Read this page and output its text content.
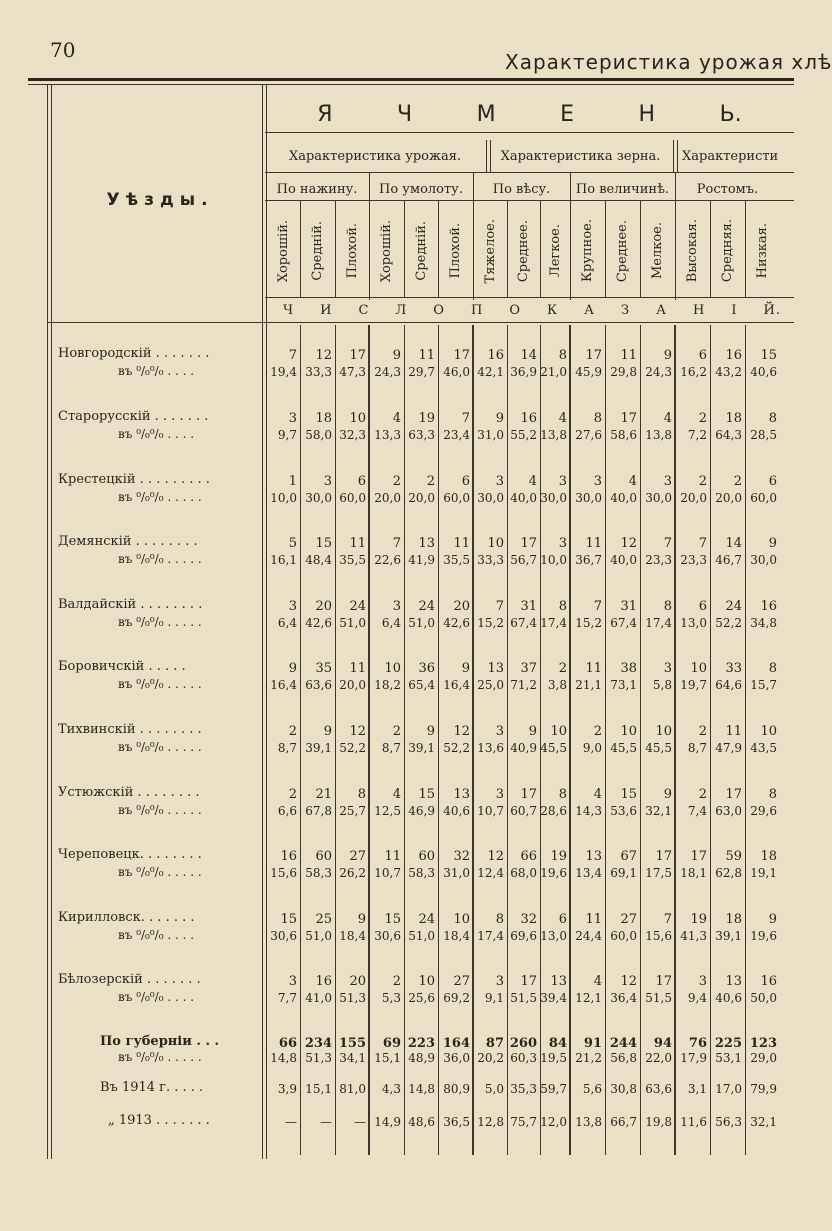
70	Характеристика урожая хлѣ
Я	Ч	М	Е	Н	Ь.
Уѣзды.
Характеристика урожая.	Характеристика зерна.	Характеристи
По нажину.	По умолоту.	По вѣсу.	По величинѣ.	Ростомъ.
Хорошій. Средній. Плохой. Хорошій. Средній. Плохой. Тяжелое. Среднее. Легкое. Крупное. Среднее. Мелкое. Высокая. Средняя. Низкая.
Ч И С Л О П О К А З А Н І Й.
Новгородскій . . . . . . .
въ ⁰/₀⁰/₀ . . . .
7	12	17	9	11	17	16	14	8	17	11	9	6	16	15
19,4 33,3 47,3 24,3 29,7 46,0 42,1 36,9 21,0 45,9 29,8 24,3 16,2 43,2 40,6
Старорусскій . . . . . . .
въ ⁰/₀⁰/₀ . . . .
3	18	10	4	19	7	9	16	4	8	17	4	2	18	8
9,7 58,0 32,3 13,3 63,3 23,4 31,0 55,2 13,8 27,6 58,6 13,8	7,2 64,3 28,5
Крестецкій . . . . . . . . .
въ ⁰/₀⁰/₀ . . . . .
1	3	6	2	2	6	3	4	3	3	4	3	2	2	6
10,0 30,0 60,0 20,0 20,0 60,0 30,0 40,0 30,0 30,0 40,0 30,0 20,0 20,0 60,0
Демянскій . . . . . . . .
въ ⁰/₀⁰/₀ . . . . .
5	15	11	7	13	11	10	17	3	11	12	7	7	14	9
16,1 48,4 35,5 22,6 41,9 35,5 33,3 56,7 10,0 36,7 40,0 23,3 23,3 46,7 30,0
Валдайскій . . . . . . . .
въ ⁰/₀⁰/₀ . . . . .
3	20	24	3	24	20	7	31	8	7	31	8	6	24	16
6,4 42,6 51,0	6,4 51,0 42,6 15,2 67,4 17,4 15,2 67,4 17,4 13,0 52,2 34,8
Боровичскій . . . . .
въ ⁰/₀⁰/₀ . . . . .
9	35	11	10	36	9	13	37	2	11	38	3	10	33	8
16,4 63,6 20,0 18,2 65,4 16,4 25,0 71,2 3,8 21,1 73,1	5,8 19,7 64,6 15,7
Тихвинскій . . . . . . . .
въ ⁰/₀⁰/₀ . . . . .
2	9	12	2	9	12	3	9	10	2	10	10	2	11	10
8,7 39,1 52,2	8,7 39,1 52,2 13,6 40,9 45,5	9,0 45,5 45,5	8,7 47,9 43,5
Устюжскій . . . . . . . .
въ ⁰/₀⁰/₀ . . . . .
2	21	8	4	15	13	3	17	8	4	15	9	2	17	8
6,6 67,8 25,7 12,5 46,9 40,6 10,7 60,7 28,6 14,3 53,6 32,1	7,4 63,0 29,6
Череповецк. . . . . . . .
въ ⁰/₀⁰/₀ . . . . .
16	60	27	11	60	32	12	66	19	13	67	17	17	59	18
15,6 58,3 26,2 10,7 58,3 31,0 12,4 68,0 19,6 13,4 69,1 17,5 18,1 62,8 19,1
Кирилловск. . . . . . .
въ ⁰/₀⁰/₀ . . . .
15	25	9	15	24	10	8	32	6	11	27	7	19	18	9
30,6 51,0 18,4 30,6 51,0 18,4 17,4 69,6 13,0 24,4 60,0 15,6 41,3 39,1 19,6
Бѣлозерскій . . . . . . .
въ ⁰/₀⁰/₀ . . . .
3	16	20	2	10	27	3	17	13	4	12	17	3	13	16
7,7 41,0 51,3	5,3 25,6 69,2	9,1 51,5 39,4 12,1 36,4 51,5	9,4 40,6 50,0
По губерніи . . .
въ ⁰/₀⁰/₀ . . . . .
66 234 155	69 223 164	87 260 84	91 244	94	76 225 123
14,8 51,3 34,1 15,1 48,9 36,0 20,2 60,3 19,5 21,2 56,8 22,0 17,9 53,1 29,0
Въ 1914 г. . . . .	3,9 15,1 81,0	4,3 14,8 80,9	5,0 35,3 59,7	5,6 30,8 63,6	3,1 17,0 79,9
„ 1913 . . . . . . .	—	—	— 14,9 48,6 36,5 12,8 75,7 12,0 13,8 66,7 19,8 11,6 56,3 32,1
